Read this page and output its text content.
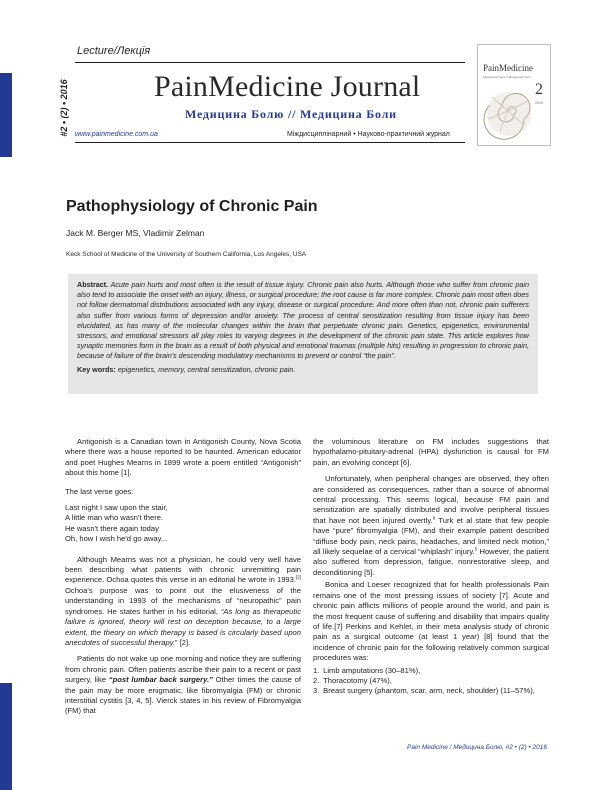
Lecture/Лекція
#2 • (2) • 2016	PainMedicine Journal
Медицина Болю // Медицина Боли
www.painmedicine.com.ua	Міждисциплінарний • Науково-практичний журнал
PainMedicine
Медицина болю // Медицина боли
2
2016
Pathophysiology of Chronic Pain
Jack M. Berger MS, Vladimir Zelman
Keck School of Medicine of the University of Southern California, Los Angeles, USA
Abstract. Acute pain hurts and most often is the result of tissue injury. Chronic pain also hurts. Although those who suffer from chronic pain also tend to associate the onset with an injury, illness, or surgical procedure; the root cause is far more complex. Chronic pain most often does not follow dermatomal distributions associated with any injury, disease or surgical procedure. And more often than not, chronic pain sufferers also suffer from various forms of depression and/or anxiety. The process of central sensitization resulting from tissue injury has been elucidated, as has many of the molecular changes within the brain that perpetuate chronic pain. Genetics, epigenetics, environmental stressors, and emotional stressors all play roles to varying degrees in the development of the chronic pain state. This article explores how synaptic memories form in the brain as a result of both physical and emotional traumas (multiple hits) resulting in progression to chronic pain, because of failure of the brain's descending modulatory mechanisms to prevent or control “the pain”.
Key words: epigenetics, memory, central sensitization, chronic pain.

Antigonish is a Canadian town in Antigonish County, Nova Scotia where there was a house reported to be haunted. American educator and poet Hughes Mearns in 1899 wrote a poem entitled “Antigonish” about this home [1].

The last verse goes:
Last night I saw upon the stair,
A little man who wasn't there.
He wasn't there again today
Oh, how I wish he'd go away...

Although Mearns was not a physician, he could very well have been describing what patients with chronic unremitting pain experience. Ochoa quotes this verse in an editorial he wrote in 1993.[2] Ochoa's purpose was to point out the elusiveness of the understanding in 1993 of the mechanisms of “neuropathic” pain syndromes. He states further in his editorial, “As long as therapeutic failure is ignored, theory will rest on deception because, to a large extent, the theory on which therapy is based is circularly based upon anecdotes of successful therapy.” [2].

Patients do not wake up one morning and notice they are suffering from chronic pain. Often patients ascribe their pain to a recent or past surgery, like “post lumbar back surgery.” Other times the cause of the pain may be more enigmatic, like fibromyalgia (FM) or chronic interstitial cystitis [3, 4, 5]. Vierck states in his review of Fibromyalgia (FM) that

the voluminous literature on FM includes suggestions that hypothalamo-pituitary-adrenal (HPA) dysfunction is causal for FM pain, an evolving concept [6].

Unfortunately, when peripheral changes are observed, they often are considered as consequences, rather than a source of abnormal central processing. This seems logical, because FM pain and sensitization are spatially distributed and involve peripheral tissues that have not been injured overtly.$^6$ Turk et al state that few people have “pure” fibromyalgia (FM), and their example patient described “diffuse body pain, neck pains, headaches, and limited neck motion,” all likely sequelae of a cervical “whiplash” injury.$^5$ However, the patient also suffered from depression, fatigue, nonrestorative sleep, and deconditioning [5].

Bonica and Loeser recognized that for health professionals Pain remains one of the most pressing issues of society [7]. Acute and chronic pain afflicts millions of people around the world, and pain is the most frequent cause of suffering and disability that impairs quality of life.[7] Perkins and Kehlet, in their meta analysis study of chronic pain as a surgical outcome (at least 1 year) [8] found that the incidence of chronic pain for the following relatively common surgical procedures was:

1. Limb amputations (30–81%),
2. Thoracotomy (47%),
3. Breast surgery (phantom, scar, arm, neck, shoulder) (11–57%),
Pain Medicine / Медицина Болю, #2 • (2) • 2016
